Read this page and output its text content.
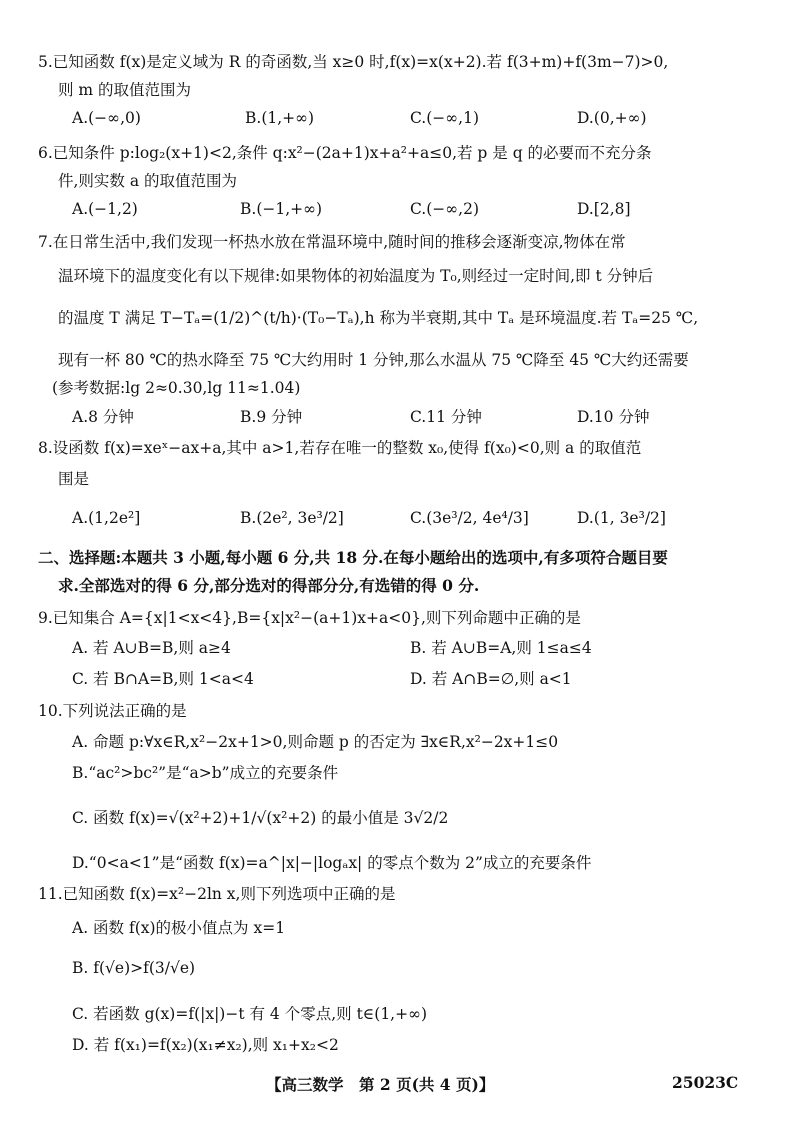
5.已知函数 f(x)是定义域为 R 的奇函数,当 x≥0 时,f(x)=x(x+2).若 f(3+m)+f(3m−7)>0,
则 m 的取值范围为
A.(−∞,0)	B.(1,+∞)	C.(−∞,1)	D.(0,+∞)
6.已知条件 p:log₂(x+1)<2,条件 q:x²−(2a+1)x+a²+a≤0,若 p 是 q 的必要而不充分条
件,则实数 a 的取值范围为
A.(−1,2)	B.(−1,+∞)	C.(−∞,2)	D.[2,8]
7.在日常生活中,我们发现一杯热水放在常温环境中,随时间的推移会逐渐变凉,物体在常
温环境下的温度变化有以下规律:如果物体的初始温度为 T₀,则经过一定时间,即 t 分钟后
的温度 T 满足 T−Tₐ=(1/2)^(t/h)·(T₀−Tₐ),h 称为半衰期,其中 Tₐ 是环境温度.若 Tₐ=25 ℃,
现有一杯 80 ℃的热水降至 75 ℃大约用时 1 分钟,那么水温从 75 ℃降至 45 ℃大约还需要
(参考数据:lg 2≈0.30,lg 11≈1.04)
A.8 分钟	B.9 分钟	C.11 分钟	D.10 分钟
8.设函数 f(x)=xeˣ−ax+a,其中 a>1,若存在唯一的整数 x₀,使得 f(x₀)<0,则 a 的取值范
围是
A.(1,2e²]	B.(2e², 3e³/2]	C.(3e³/2, 4e⁴/3]	D.(1, 3e³/2]
二、选择题:本题共 3 小题,每小题 6 分,共 18 分.在每小题给出的选项中,有多项符合题目要
求.全部选对的得 6 分,部分选对的得部分分,有选错的得 0 分.
9.已知集合 A={x|1<x<4},B={x|x²−(a+1)x+a<0},则下列命题中正确的是
A. 若 A∪B=B,则 a≥4	B. 若 A∪B=A,则 1≤a≤4
C. 若 B∩A=B,则 1<a<4	D. 若 A∩B=∅,则 a<1
10.下列说法正确的是
A. 命题 p:∀x∈R,x²−2x+1>0,则命题 p 的否定为 ∃x∈R,x²−2x+1≤0
B.“ac²>bc²”是“a>b”成立的充要条件
C. 函数 f(x)=√(x²+2)+1/√(x²+2) 的最小值是 3√2/2
D.“0<a<1”是“函数 f(x)=a^|x|−|logₐx| 的零点个数为 2”成立的充要条件
11.已知函数 f(x)=x²−2ln x,则下列选项中正确的是
A. 函数 f(x)的极小值点为 x=1
B. f(√e)>f(3/√e)
C. 若函数 g(x)=f(|x|)−t 有 4 个零点,则 t∈(1,+∞)
D. 若 f(x₁)=f(x₂)(x₁≠x₂),则 x₁+x₂<2
【高三数学　第 2 页(共 4 页)】	25023C
